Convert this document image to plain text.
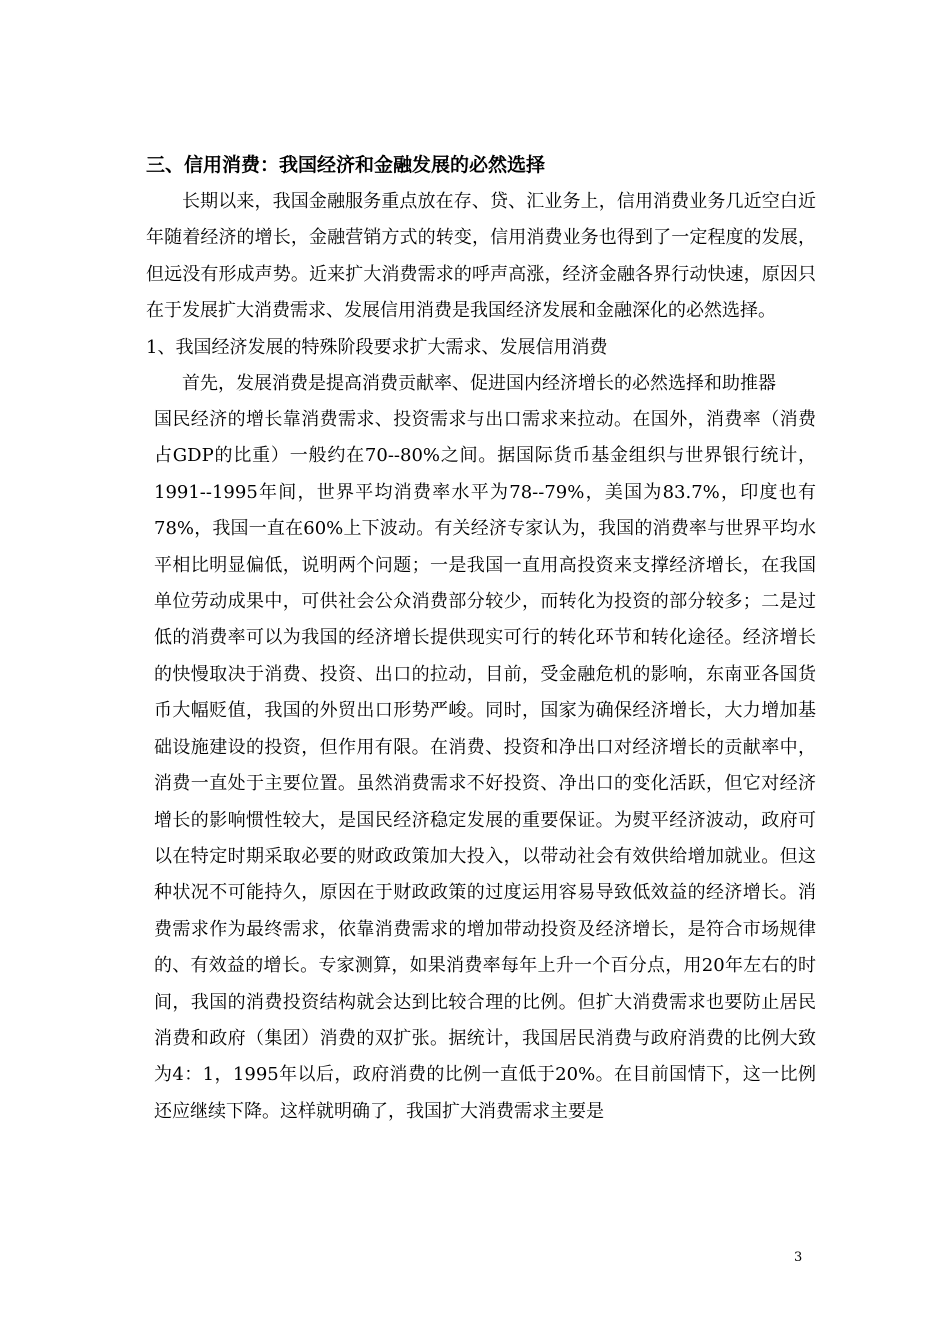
三、信用消费：我国经济和金融发展的必然选择

长期以来，我国金融服务重点放在存、贷、汇业务上，信用消费业务几近空白近年随着经济的增长，金融营销方式的转变，信用消费业务也得到了一定程度的发展，但远没有形成声势。近来扩大消费需求的呼声高涨，经济金融各界行动快速，原因只在于发展扩大消费需求、发展信用消费是我国经济发展和金融深化的必然选择。

1、我国经济发展的特殊阶段要求扩大需求、发展信用消费

首先，发展消费是提高消费贡献率、促进国内经济增长的必然选择和助推器

国民经济的增长靠消费需求、投资需求与出口需求来拉动。在国外，消费率（消费占GDP的比重）一般约在70--80%之间。据国际货币基金组织与世界银行统计，1991--1995年间，世界平均消费率水平为78--79%，美国为83.7%，印度也有78%，我国一直在60%上下波动。有关经济专家认为，我国的消费率与世界平均水平相比明显偏低，说明两个问题；一是我国一直用高投资来支撑经济增长，在我国单位劳动成果中，可供社会公众消费部分较少，而转化为投资的部分较多；二是过低的消费率可以为我国的经济增长提供现实可行的转化环节和转化途径。经济增长的快慢取决于消费、投资、出口的拉动，目前，受金融危机的影响，东南亚各国货币大幅贬值，我国的外贸出口形势严峻。同时，国家为确保经济增长，大力增加基础设施建设的投资，但作用有限。在消费、投资和净出口对经济增长的贡献率中，消费一直处于主要位置。虽然消费需求不好投资、净出口的变化活跃，但它对经济增长的影响惯性较大，是国民经济稳定发展的重要保证。为熨平经济波动，政府可以在特定时期采取必要的财政政策加大投入，以带动社会有效供给增加就业。但这种状况不可能持久，原因在于财政政策的过度运用容易导致低效益的经济增长。消费需求作为最终需求，依靠消费需求的增加带动投资及经济增长，是符合市场规律的、有效益的增长。专家测算，如果消费率每年上升一个百分点，用20年左右的时间，我国的消费投资结构就会达到比较合理的比例。但扩大消费需求也要防止居民消费和政府（集团）消费的双扩张。据统计，我国居民消费与政府消费的比例大致为4：1，1995年以后，政府消费的比例一直低于20%。在目前国情下，这一比例还应继续下降。这样就明确了，我国扩大消费需求主要是

3
